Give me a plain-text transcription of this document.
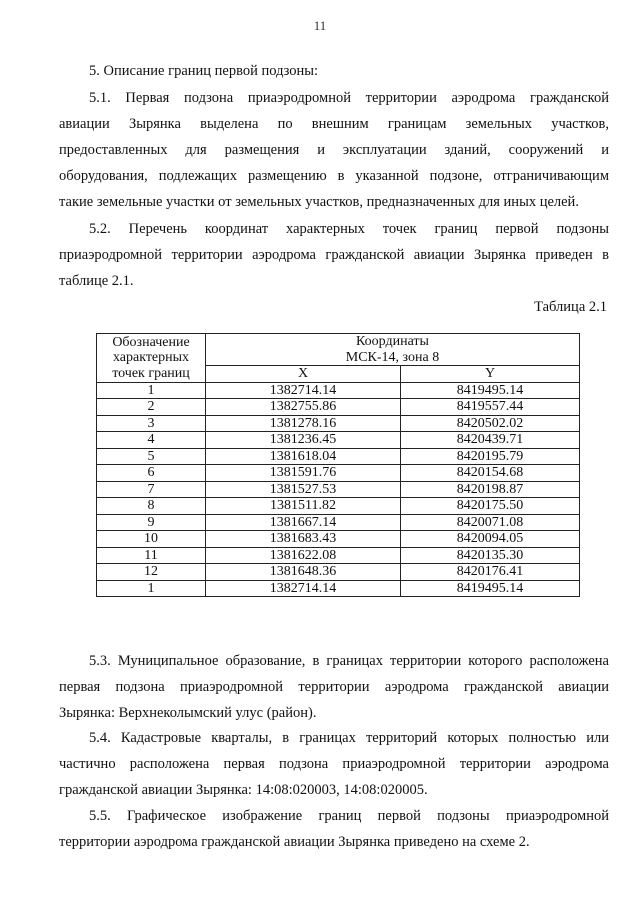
11

5. Описание границ первой подзоны:

5.1. Первая подзона приаэродромной территории аэродрома гражданской
авиации Зырянка выделена по внешним границам земельных участков,
предоставленных для размещения и эксплуатации зданий, сооружений и
оборудования, подлежащих размещению в указанной подзоне, отграничивающим
такие земельные участки от земельных участков, предназначенных для иных целей.
5.2. Перечень координат характерных точек границ первой подзоны
приаэродромной территории аэродрома гражданской авиации Зырянка приведен в
таблице 2.1.
Таблица 2.1
Обозначение
характерных
точек границ	Координаты
МСК-14, зона 8	

	X	Y
1	1382714.14	8419495.14
2	1382755.86	8419557.44
3	1381278.16	8420502.02
4	1381236.45	8420439.71
5	1381618.04	8420195.79
6	1381591.76	8420154.68
7	1381527.53	8420198.87
8	1381511.82	8420175.50
9	1381667.14	8420071.08
10	1381683.43	8420094.05
11	1381622.08	8420135.30
12	1381648.36	8420176.41
1	1382714.14	8419495.14
5.3. Муниципальное образование, в границах территории которого расположена
первая подзона приаэродромной территории аэродрома гражданской авиации
Зырянка: Верхнеколымский улус (район).
5.4. Кадастровые кварталы, в границах территорий которых полностью или
частично расположена первая подзона приаэродромной территории аэродрома
гражданской авиации Зырянка: 14:08:020003, 14:08:020005.
5.5. Графическое изображение границ первой подзоны приаэродромной
территории аэродрома гражданской авиации Зырянка приведено на схеме 2.
